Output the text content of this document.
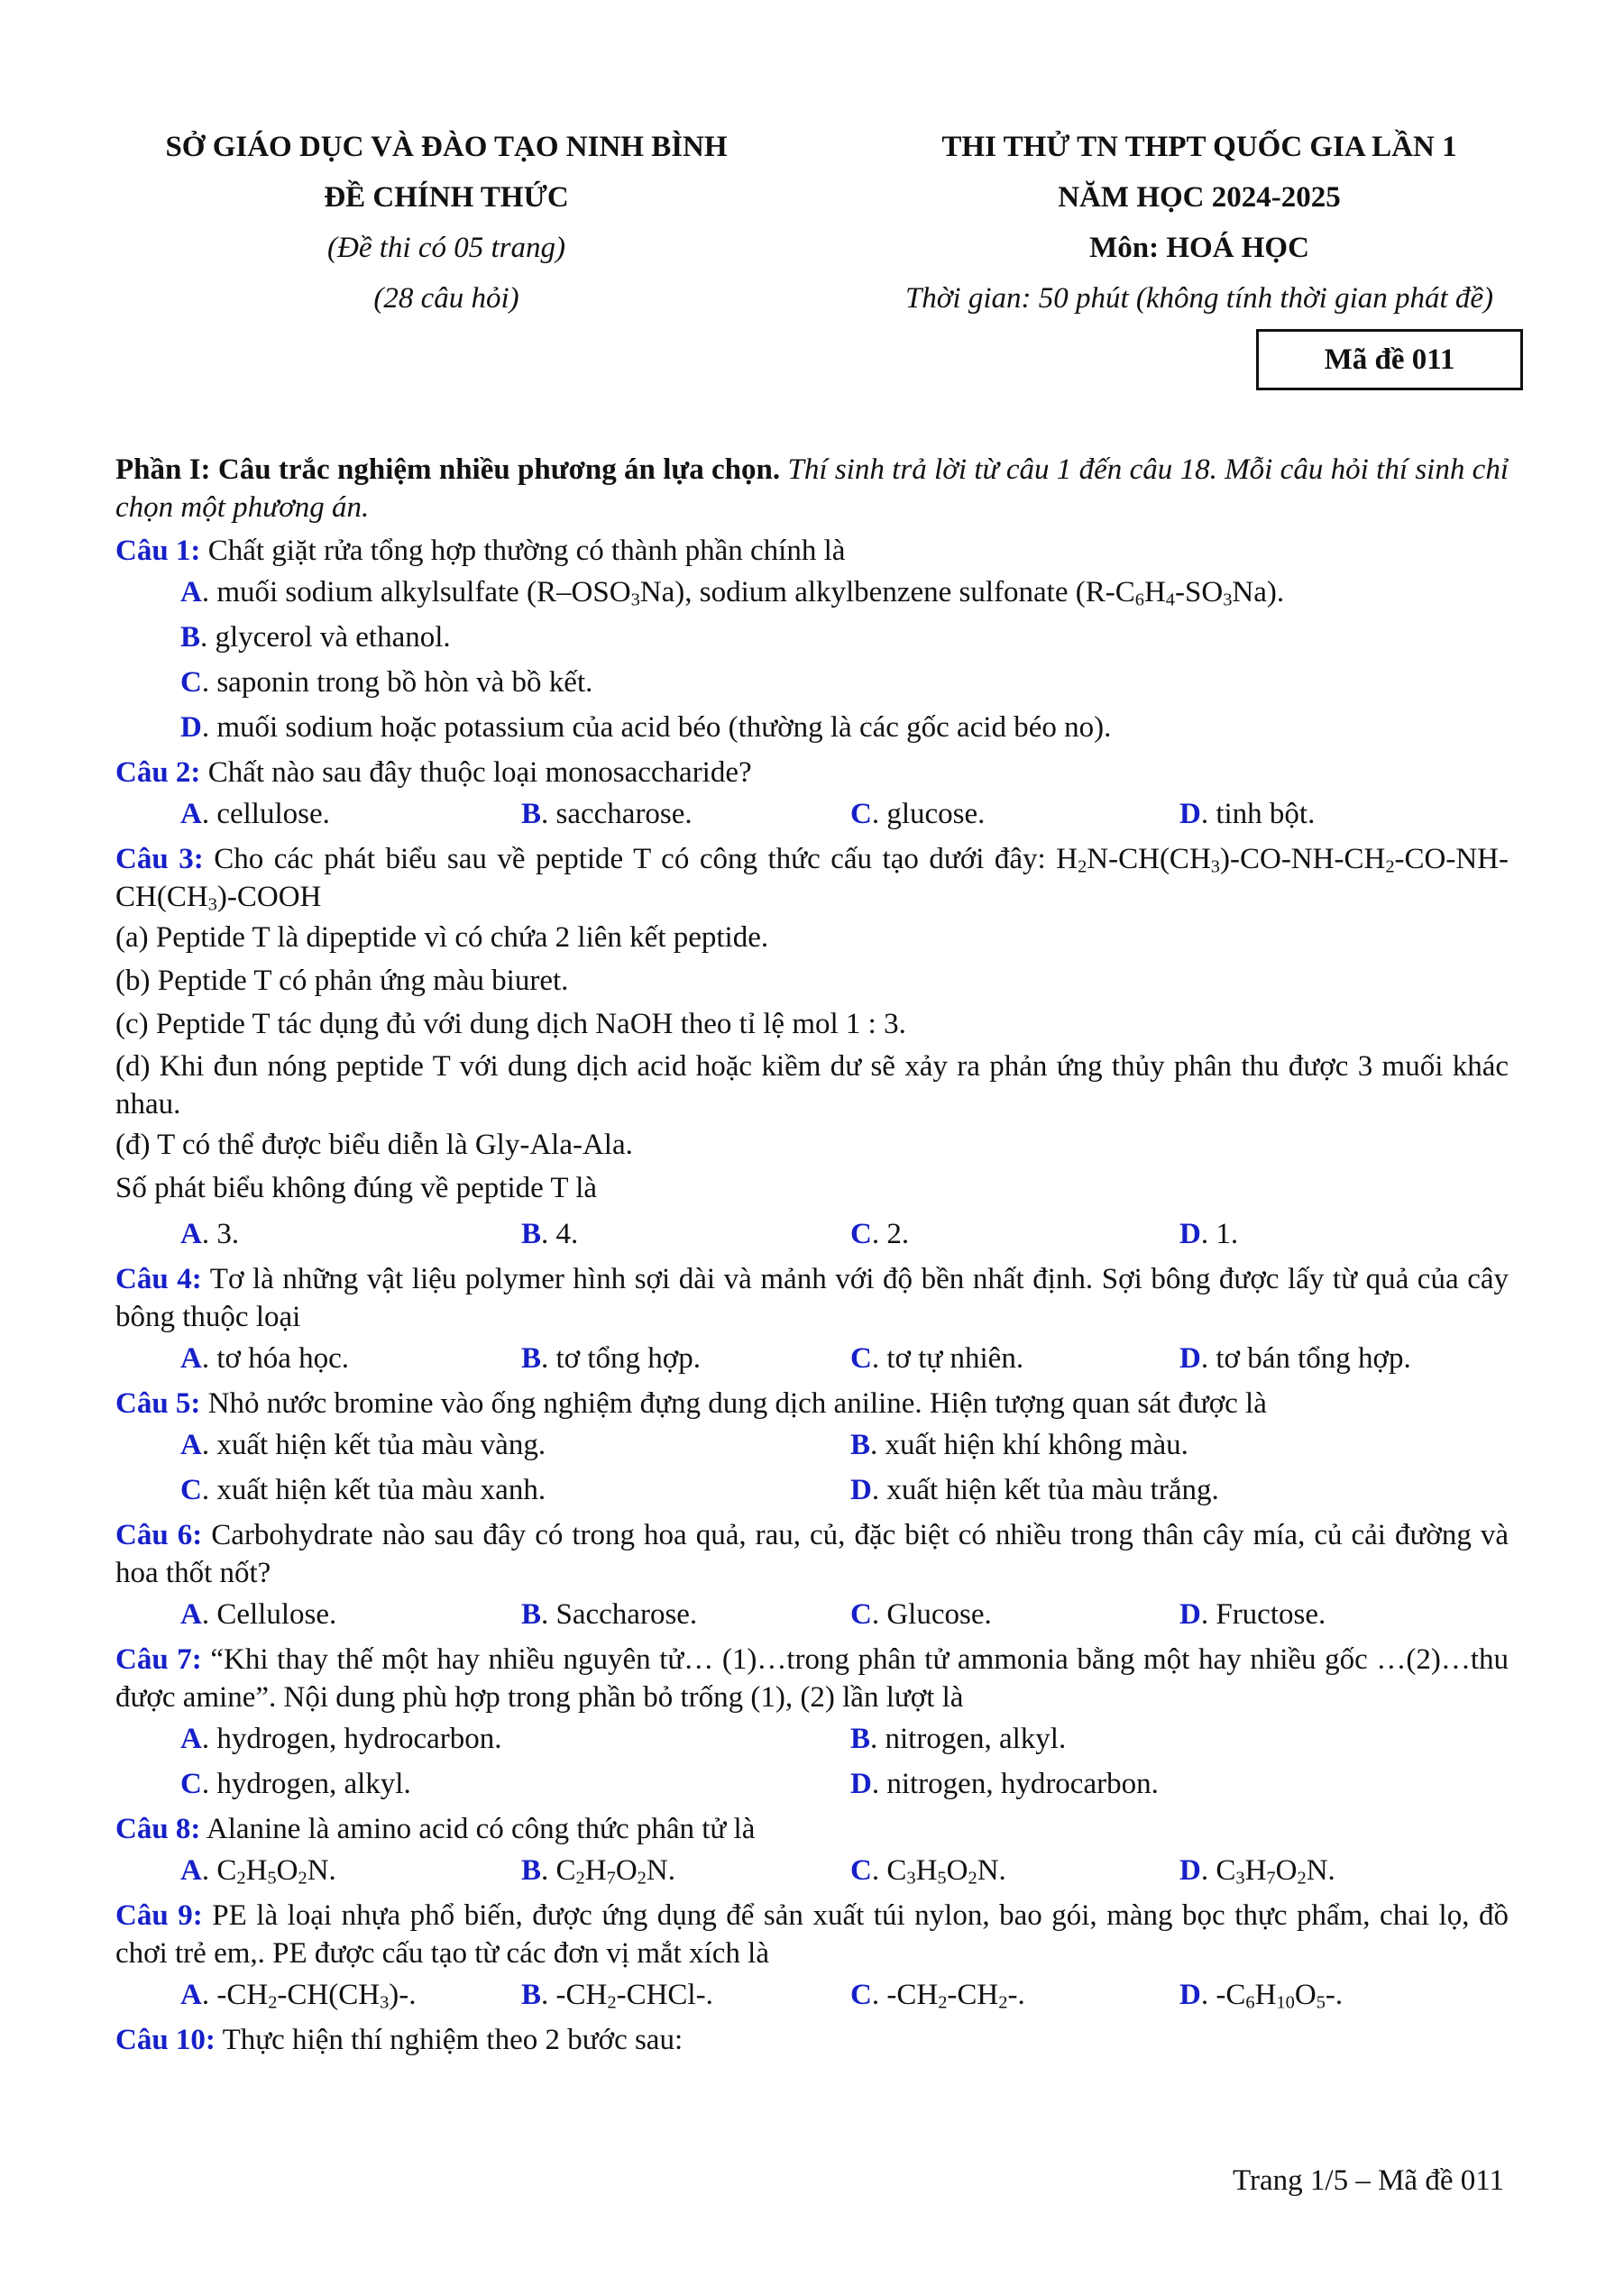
SỞ GIÁO DỤC VÀ ĐÀO TẠO NINH BÌNH
ĐỀ CHÍNH THỨC
(Đề thi có 05 trang)
(28 câu hỏi)
THI THỬ TN THPT QUỐC GIA LẦN 1
NĂM HỌC 2024-2025
Môn: HOÁ HỌC
Thời gian: 50 phút (không tính thời gian phát đề)
Mã đề 011

Phần I: Câu trắc nghiệm nhiều phương án lựa chọn. Thí sinh trả lời từ câu 1 đến câu 18. Mỗi câu hỏi thí sinh chỉ chọn một phương án.

Câu 1: Chất giặt rửa tổng hợp thường có thành phần chính là
A. muối sodium alkylsulfate $(R-OSO_3Na)$, sodium alkylbenzene sulfonate $(R-C_6H_4-SO_3Na)$.
B. glycerol và ethanol.
C. saponin trong bồ hòn và bồ kết.
D. muối sodium hoặc potassium của acid béo (thường là các gốc acid béo no).
Câu 2: Chất nào sau đây thuộc loại monosaccharide?
A. cellulose.	B. saccharose.	C. glucose.	D. tinh bột.
Câu 3: Cho các phát biểu sau về peptide T có công thức cấu tạo dưới đây: $H_2N-CH(CH_3)-CO-NH-CH_2-CO-NH-CH(CH_3)$-COOH
(a) Peptide T là dipeptide vì có chứa 2 liên kết peptide.
(b) Peptide T có phản ứng màu biuret.
(c) Peptide T tác dụng đủ với dung dịch NaOH theo tỉ lệ mol 1 : 3.
(d) Khi đun nóng peptide T với dung dịch acid hoặc kiềm dư sẽ xảy ra phản ứng thủy phân thu được 3 muối khác nhau.
(đ) T có thể được biểu diễn là Gly-Ala-Ala.
Số phát biểu không đúng về peptide T là
A. 3.	B. 4.	C. 2.	D. 1.
Câu 4: Tơ là những vật liệu polymer hình sợi dài và mảnh với độ bền nhất định. Sợi bông được lấy từ quả của cây bông thuộc loại
A. tơ hóa học.	B. tơ tổng hợp.	C. tơ tự nhiên.	D. tơ bán tổng hợp.
Câu 5: Nhỏ nước bromine vào ống nghiệm đựng dung dịch aniline. Hiện tượng quan sát được là
A. xuất hiện kết tủa màu vàng.	B. xuất hiện khí không màu.
C. xuất hiện kết tủa màu xanh.	D. xuất hiện kết tủa màu trắng.
Câu 6: Carbohydrate nào sau đây có trong hoa quả, rau, củ, đặc biệt có nhiều trong thân cây mía, củ cải đường và hoa thốt nốt?
A. Cellulose.	B. Saccharose.	C. Glucose.	D. Fructose.
Câu 7: “Khi thay thế một hay nhiều nguyên tử… (1)…trong phân tử ammonia bằng một hay nhiều gốc …(2)…thu được amine”. Nội dung phù hợp trong phần bỏ trống (1), (2) lần lượt là
A. hydrogen, hydrocarbon.	B. nitrogen, alkyl.
C. hydrogen, alkyl.	D. nitrogen, hydrocarbon.
Câu 8: Alanine là amino acid có công thức phân tử là
A. $C_2H_5O_2N$.	B. $C_2H_7O_2N$.	C. $C_3H_5O_2N$.	D. $C_3H_7O_2N$.
Câu 9: PE là loại nhựa phổ biến, được ứng dụng để sản xuất túi nylon, bao gói, màng bọc thực phẩm, chai lọ, đồ chơi trẻ em,. PE được cấu tạo từ các đơn vị mắt xích là
A. $-CH_2-CH(CH_3)-$.	B. $-CH_2-CHCl-$.	C. $-CH_2-CH_2-$.	D. $-C_6H_{10}O_5-$.
Câu 10: Thực hiện thí nghiệm theo 2 bước sau:
Trang 1/5 – Mã đề 011
